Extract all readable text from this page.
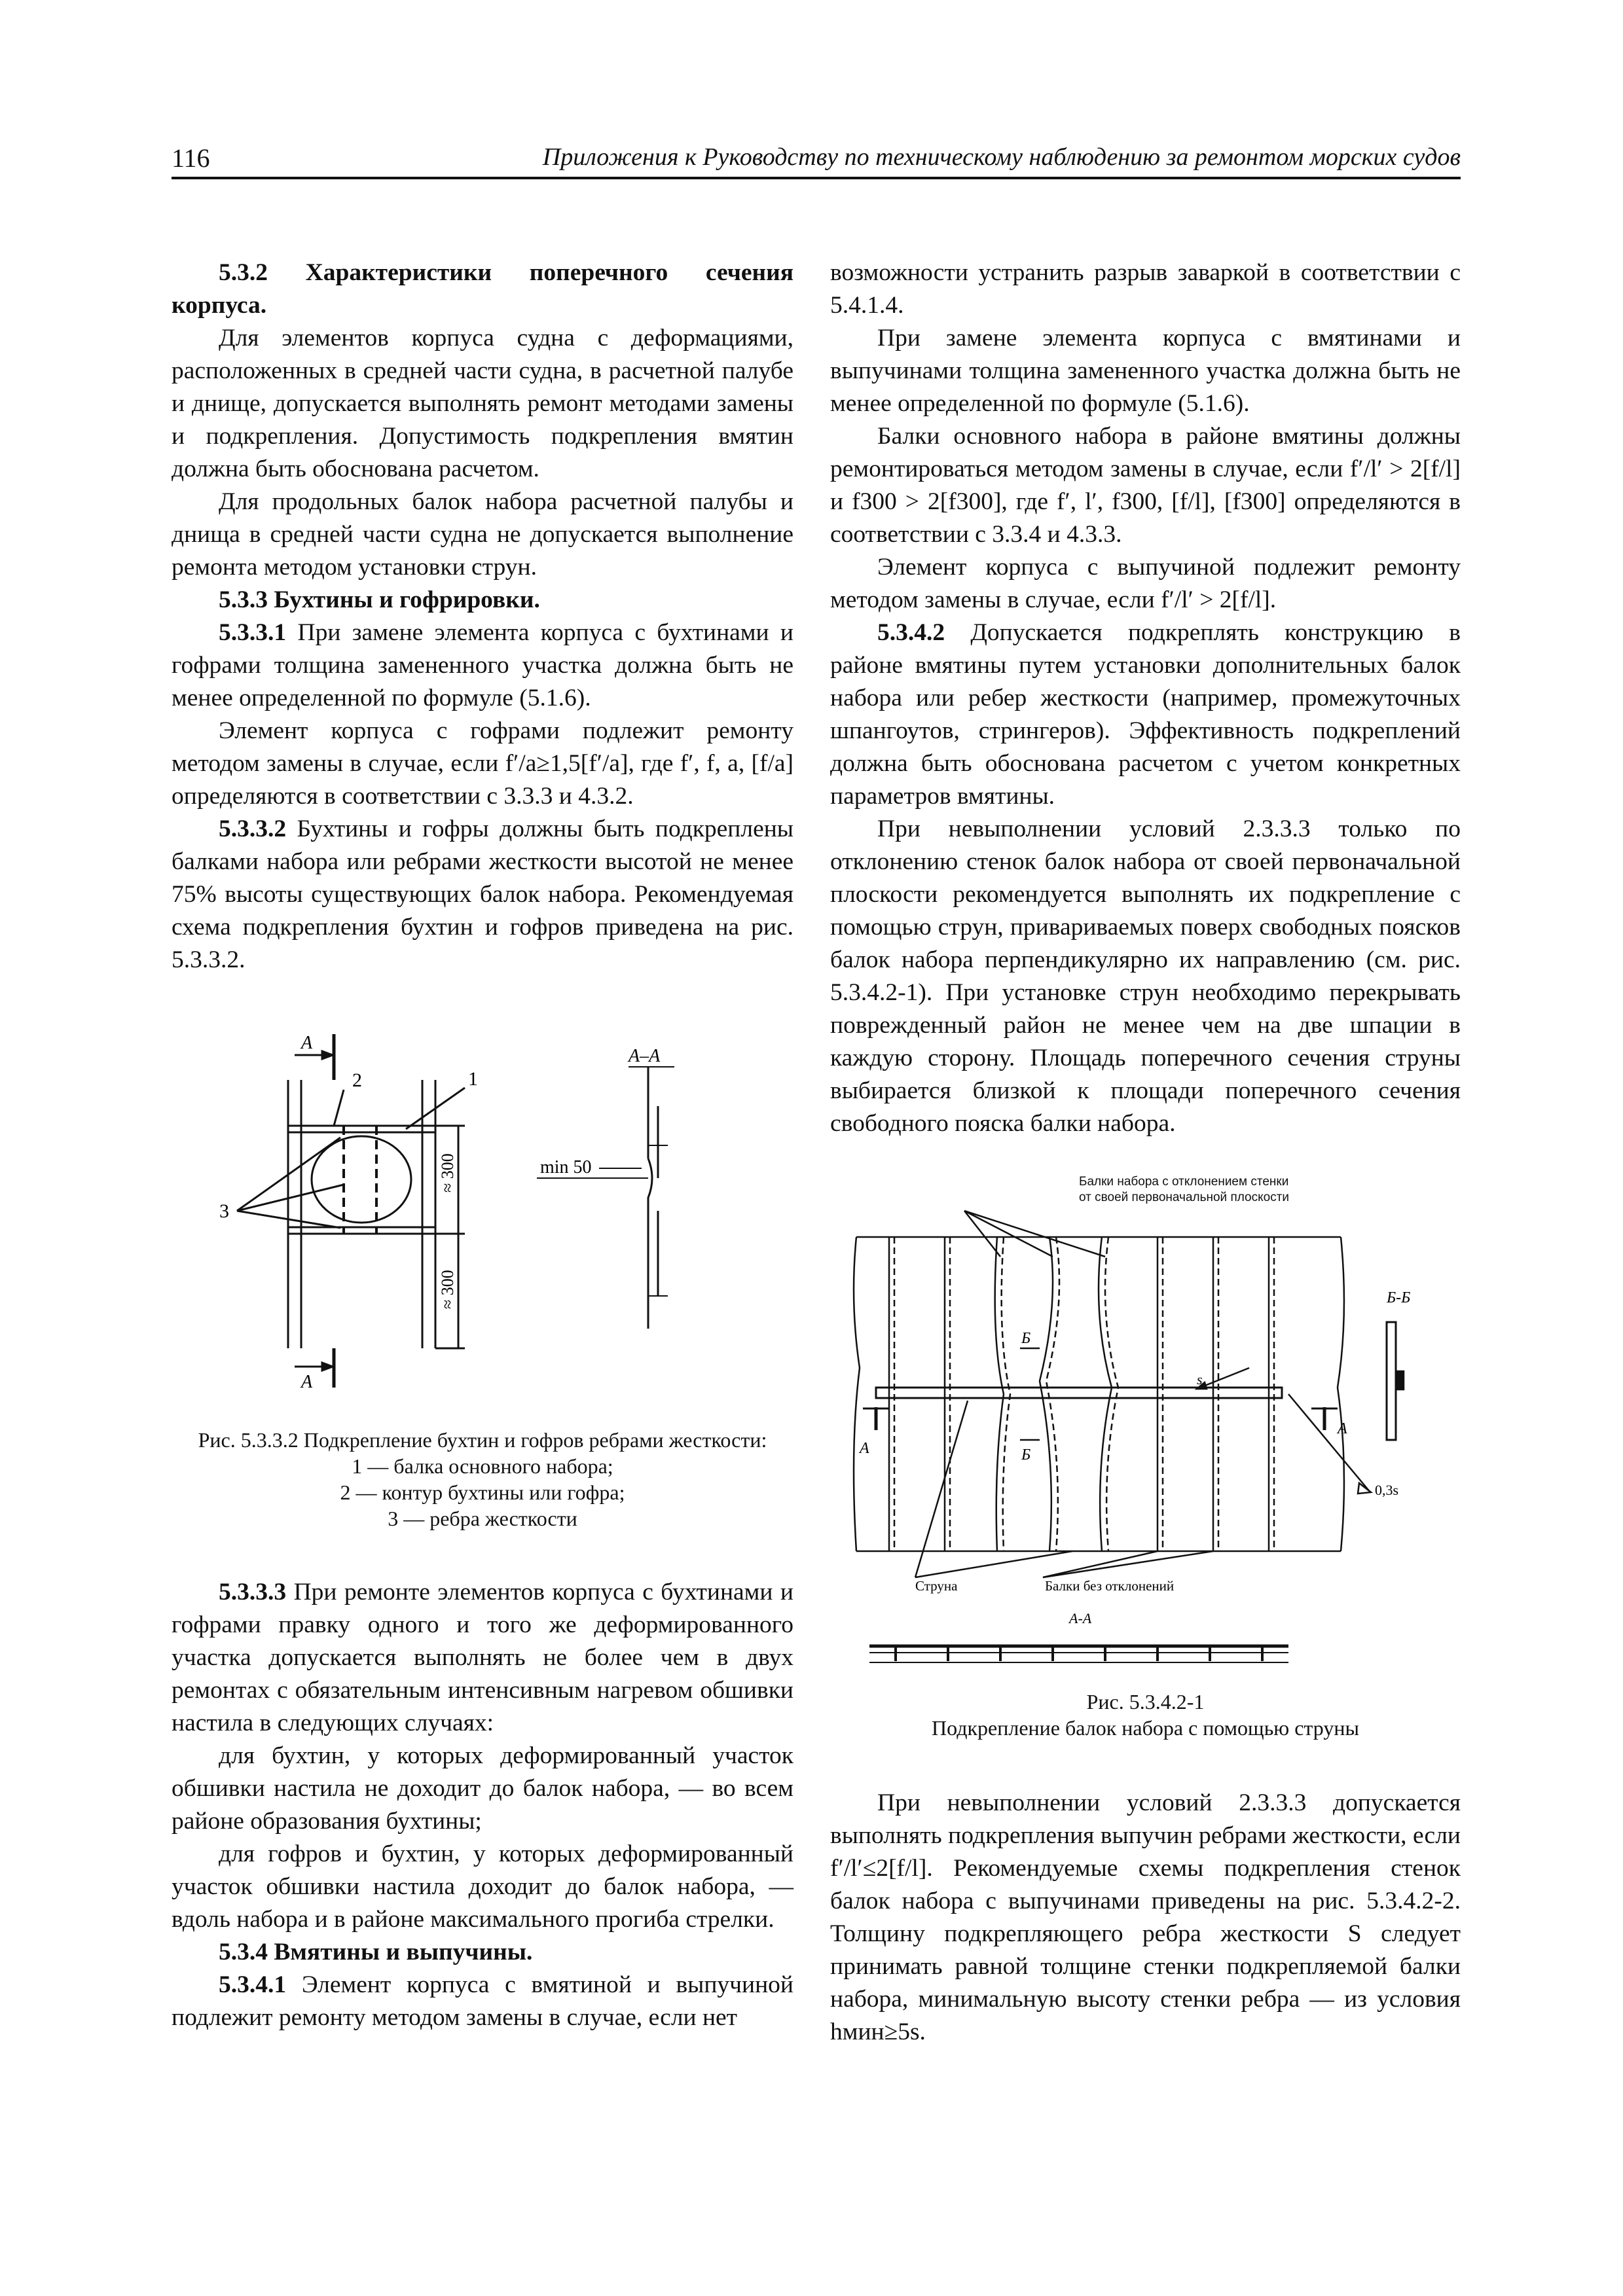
116	Приложения к Руководству по техническому наблюдению за ремонтом морских судов
5.3.2 Характеристики поперечного сечения корпуса.

Для элементов корпуса судна с деформациями, расположенных в средней части судна, в расчетной палубе и днище, допускается выполнять ремонт методами замены и подкрепления. Допустимость подкрепления вмятин должна быть обоснована расчетом.

Для продольных балок набора расчетной палубы и днища в средней части судна не допускается выполнение ремонта методом установки струн.

5.3.3 Бухтины и гофрировки.

5.3.3.1 При замене элемента корпуса с бухтинами и гофрами толщина замененного участка должна быть не менее определенной по формуле (5.1.6).

Элемент корпуса с гофрами подлежит ремонту методом замены в случае, если f′/a≥1,5[f′/a], где f′, f, a, [f/a] определяются в соответствии с 3.3.3 и 4.3.2.

5.3.3.2 Бухтины и гофры должны быть подкреплены балками набора или ребрами жесткости высотой не менее 75% высоты существующих балок набора. Рекомендуемая схема подкрепления бухтин и гофров приведена на рис. 5.3.3.2.

A
A
2	1
3
A–A
min 50
≈ 300
≈ 300
Рис. 5.3.3.2 Подкрепление бухтин и гофров ребрами жесткости:
1 — балка основного набора;
2 — контур бухтины или гофра;
3 — ребра жесткости

5.3.3.3 При ремонте элементов корпуса с бухтинами и гофрами правку одного и того же деформированного участка допускается выполнять не более чем в двух ремонтах с обязательным интенсивным нагревом обшивки настила в следующих случаях:

для бухтин, у которых деформированный участок обшивки настила не доходит до балок набора, — во всем районе образования бухтины;

для гофров и бухтин, у которых деформированный участок обшивки настила доходит до балок набора, — вдоль набора и в районе максимального прогиба стрелки.

5.3.4 Вмятины и выпучины.

5.3.4.1 Элемент корпуса с вмятиной и выпучиной подлежит ремонту методом замены в случае, если нет

возможности устранить разрыв заваркой в соответствии с 5.4.1.4.

При замене элемента корпуса с вмятинами и выпучинами толщина замененного участка должна быть не менее определенной по формуле (5.1.6).

Балки основного набора в районе вмятины должны ремонтироваться методом замены в случае, если f′/l′ > 2[f/l] и f300 > 2[f300], где f′, l′, f300, [f/l], [f300] определяются в соответствии с 3.3.4 и 4.3.3.

Элемент корпуса с выпучиной подлежит ремонту методом замены в случае, если f′/l′ > 2[f/l].

5.3.4.2 Допускается подкреплять конструкцию в районе вмятины путем установки дополнительных балок набора или ребер жесткости (например, промежуточных шпангоутов, стрингеров). Эффективность подкреплений должна быть обоснована расчетом с учетом конкретных параметров вмятины.

При невыполнении условий 2.3.3.3 только по отклонению стенок балок набора от своей первоначальной плоскости рекомендуется выполнять их подкрепление с помощью струн, привариваемых поверх свободных поясков балок набора перпендикулярно их направлению (см. рис. 5.3.4.2-1). При установке струн необходимо перекрывать поврежденный район не менее чем на две шпации в каждую сторону. Площадь поперечного сечения струны выбирается близкой к площади поперечного сечения свободного пояска балки набора.

Балки набора с отклонением стенки от своей первоначальной плоскости
Б-Б
Б
Б
А
А
s
0,3s
Струна	Балки без отклонений
А-А
Рис. 5.3.4.2-1
Подкрепление балок набора с помощью струны

При невыполнении условий 2.3.3.3 допускается выполнять подкрепления выпучин ребрами жесткости, если f′/l′≤2[f/l]. Рекомендуемые схемы подкрепления стенок балок набора с выпучинами приведены на рис. 5.3.4.2-2. Толщину подкрепляющего ребра жесткости S следует принимать равной толщине стенки подкрепляемой балки набора, минимальную высоту стенки ребра — из условия hмин≥5s.
